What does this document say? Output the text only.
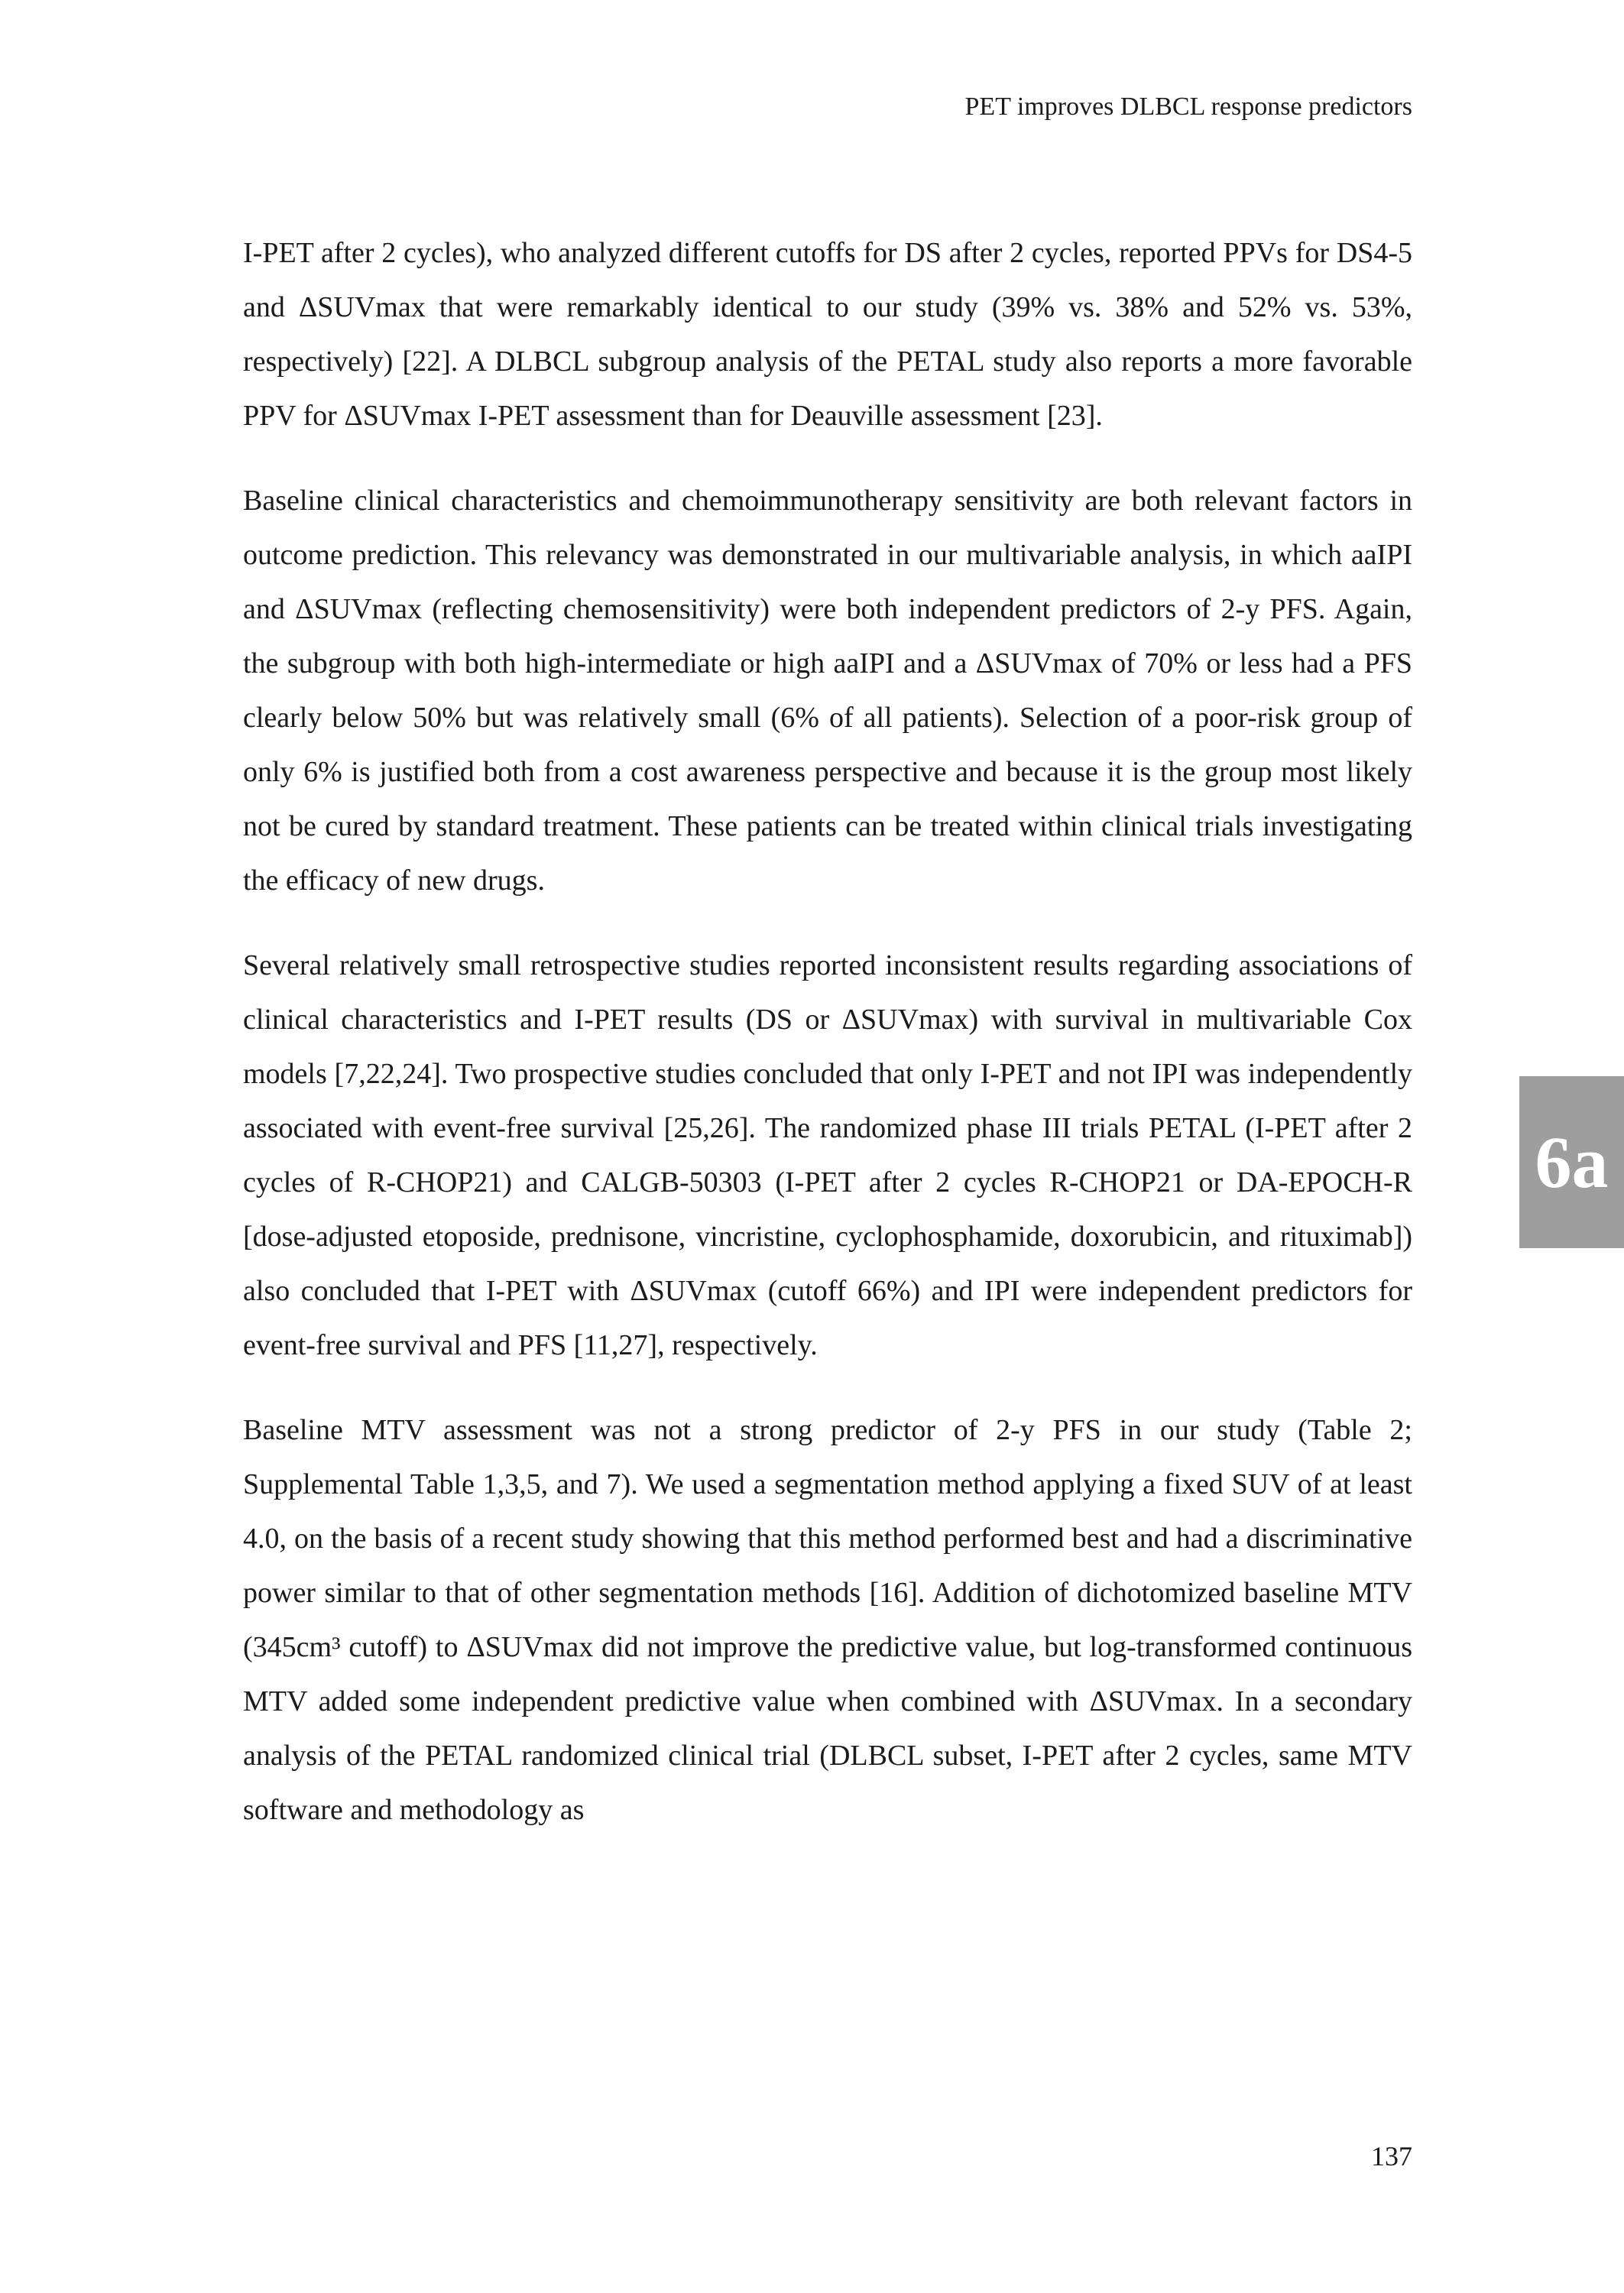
PET improves DLBCL response predictors

I-PET after 2 cycles), who analyzed different cutoffs for DS after 2 cycles, reported PPVs for DS4-5 and ΔSUVmax that were remarkably identical to our study (39% vs. 38% and 52% vs. 53%, respectively) [22]. A DLBCL subgroup analysis of the PETAL study also reports a more favorable PPV for ΔSUVmax I-PET assessment than for Deauville assessment [23].

Baseline clinical characteristics and chemoimmunotherapy sensitivity are both relevant factors in outcome prediction. This relevancy was demonstrated in our multivariable analysis, in which aaIPI and ΔSUVmax (reflecting chemosensitivity) were both independent predictors of 2-y PFS. Again, the subgroup with both high-intermediate or high aaIPI and a ΔSUVmax of 70% or less had a PFS clearly below 50% but was relatively small (6% of all patients). Selection of a poor-risk group of only 6% is justified both from a cost awareness perspective and because it is the group most likely not be cured by standard treatment. These patients can be treated within clinical trials investigating the efficacy of new drugs.

Several relatively small retrospective studies reported inconsistent results regarding associations of clinical characteristics and I-PET results (DS or ΔSUVmax) with survival in multivariable Cox models [7,22,24]. Two prospective studies concluded that only I-PET and not IPI was independently associated with event-free survival [25,26]. The randomized phase III trials PETAL (I-PET after 2 cycles of R-CHOP21) and CALGB-50303 (I-PET after 2 cycles R-CHOP21 or DA-EPOCH-R [dose-adjusted etoposide, prednisone, vincristine, cyclophosphamide, doxorubicin, and rituximab]) also concluded that I-PET with ΔSUVmax (cutoff 66%) and IPI were independent predictors for event-free survival and PFS [11,27], respectively.

Baseline MTV assessment was not a strong predictor of 2-y PFS in our study (Table 2; Supplemental Table 1,3,5, and 7). We used a segmentation method applying a fixed SUV of at least 4.0, on the basis of a recent study showing that this method performed best and had a discriminative power similar to that of other segmentation methods [16]. Addition of dichotomized baseline MTV (345cm³ cutoff) to ΔSUVmax did not improve the predictive value, but log-transformed continuous MTV added some independent predictive value when combined with ΔSUVmax. In a secondary analysis of the PETAL randomized clinical trial (DLBCL subset, I-PET after 2 cycles, same MTV software and methodology as

6a
137
